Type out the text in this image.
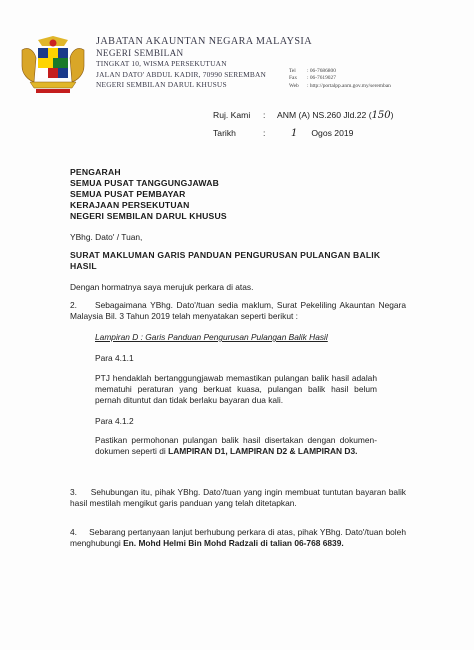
JABATAN AKAUNTAN NEGARA MALAYSIA
NEGERI SEMBILAN
TINGKAT 10, WISMA PERSEKUTUAN
JALAN DATO' ABDUL KADIR, 70990 SEREMBAN
NEGERI SEMBILAN DARUL KHUSUS
Tel : 06-7686800
Fax : 06-7619027
Web : http://portalpp.anm.gov.my/seremban
Ruj. Kami : ANM (A) NS.260 Jld.22 (150)
Tarikh	:	1 Ogos 2019
PENGARAH
SEMUA PUSAT TANGGUNGJAWAB
SEMUA PUSAT PEMBAYAR
KERAJAAN PERSEKUTUAN
NEGERI SEMBILAN DARUL KHUSUS
YBhg. Dato' / Tuan,
SURAT MAKLUMAN GARIS PANDUAN PENGURUSAN PULANGAN BALIK HASIL
Dengan hormatnya saya merujuk perkara di atas.
2. Sebagaimana YBhg. Dato'/tuan sedia maklum, Surat Pekeliling Akauntan Negara Malaysia Bil. 3 Tahun 2019 telah menyatakan seperti berikut :
Lampiran D : Garis Panduan Pengurusan Pulangan Balik Hasil
Para 4.1.1
PTJ hendaklah bertanggungjawab memastikan pulangan balik hasil adalah mematuhi peraturan yang berkuat kuasa, pulangan balik hasil belum pernah dituntut dan tidak berlaku bayaran dua kali.
Para 4.1.2
Pastikan permohonan pulangan balik hasil disertakan dengan dokumen-dokumen seperti di LAMPIRAN D1, LAMPIRAN D2 & LAMPIRAN D3.
3. Sehubungan itu, pihak YBhg. Dato'/tuan yang ingin membuat tuntutan bayaran balik hasil mestilah mengikut garis panduan yang telah ditetapkan.
4. Sebarang pertanyaan lanjut berhubung perkara di atas, pihak YBhg. Dato'/tuan boleh menghubungi En. Mohd Helmi Bin Mohd Radzali di talian 06-768 6839.
